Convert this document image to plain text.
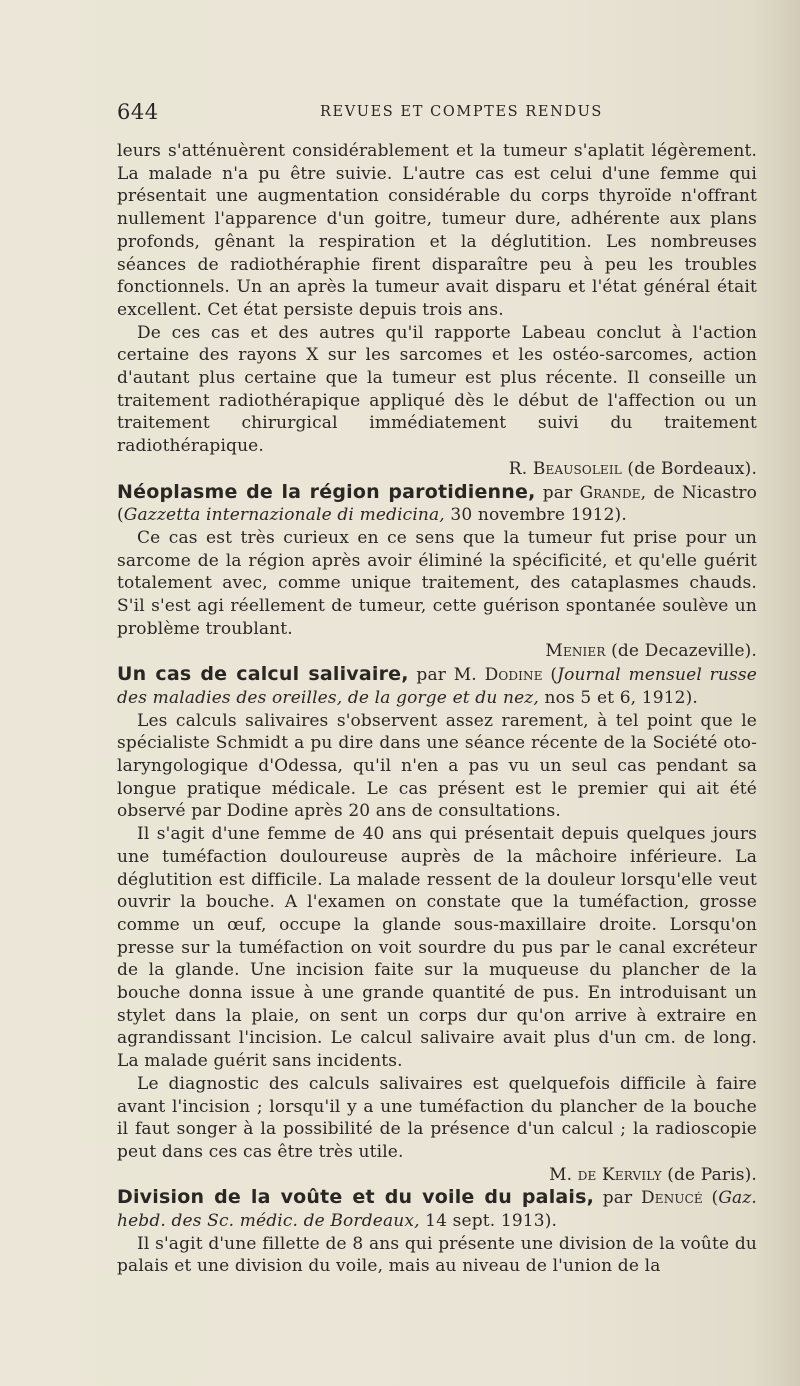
644	REVUES ET COMPTES RENDUS

leurs s'atténuèrent considérablement et la tumeur s'aplatit légèrement. La malade n'a pu être suivie. L'autre cas est celui d'une femme qui présentait une augmentation considérable du corps thyroïde n'offrant nullement l'apparence d'un goitre, tumeur dure, adhérente aux plans profonds, gênant la respiration et la déglutition. Les nombreuses séances de radiothéraphie firent disparaître peu à peu les troubles fonctionnels. Un an après la tumeur avait disparu et l'état général était excellent. Cet état persiste depuis trois ans.

De ces cas et des autres qu'il rapporte Labeau conclut à l'action certaine des rayons X sur les sarcomes et les ostéo-sarcomes, action d'autant plus certaine que la tumeur est plus récente. Il conseille un traitement radiothérapique appliqué dès le début de l'affection ou un traitement chirurgical immédiatement suivi du traitement radiothérapique.

R. Beausoleil (de Bordeaux).

Néoplasme de la région parotidienne, par Grande, de Nicastro (Gazzetta internazionale di medicina, 30 novembre 1912).

Ce cas est très curieux en ce sens que la tumeur fut prise pour un sarcome de la région après avoir éliminé la spécificité, et qu'elle guérit totalement avec, comme unique traitement, des cataplasmes chauds. S'il s'est agi réellement de tumeur, cette guérison spontanée soulève un problème troublant.

Menier (de Decazeville).

Un cas de calcul salivaire, par M. Dodine (Journal mensuel russe des maladies des oreilles, de la gorge et du nez, nos 5 et 6, 1912).

Les calculs salivaires s'observent assez rarement, à tel point que le spécialiste Schmidt a pu dire dans une séance récente de la Société oto-laryngologique d'Odessa, qu'il n'en a pas vu un seul cas pendant sa longue pratique médicale. Le cas présent est le premier qui ait été observé par Dodine après 20 ans de consultations.

Il s'agit d'une femme de 40 ans qui présentait depuis quelques jours une tuméfaction douloureuse auprès de la mâchoire inférieure. La déglutition est difficile. La malade ressent de la douleur lorsqu'elle veut ouvrir la bouche. A l'examen on constate que la tuméfaction, grosse comme un œuf, occupe la glande sous-maxillaire droite. Lorsqu'on presse sur la tuméfaction on voit sourdre du pus par le canal excréteur de la glande. Une incision faite sur la muqueuse du plancher de la bouche donna issue à une grande quantité de pus. En introduisant un stylet dans la plaie, on sent un corps dur qu'on arrive à extraire en agrandissant l'incision. Le calcul salivaire avait plus d'un cm. de long. La malade guérit sans incidents.

Le diagnostic des calculs salivaires est quelquefois difficile à faire avant l'incision ; lorsqu'il y a une tuméfaction du plancher de la bouche il faut songer à la possibilité de la présence d'un calcul ; la radioscopie peut dans ces cas être très utile.

M. de Kervily (de Paris).

Division de la voûte et du voile du palais, par Denucé (Gaz. hebd. des Sc. médic. de Bordeaux, 14 sept. 1913).

Il s'agit d'une fillette de 8 ans qui présente une division de la voûte du palais et une division du voile, mais au niveau de l'union de la
